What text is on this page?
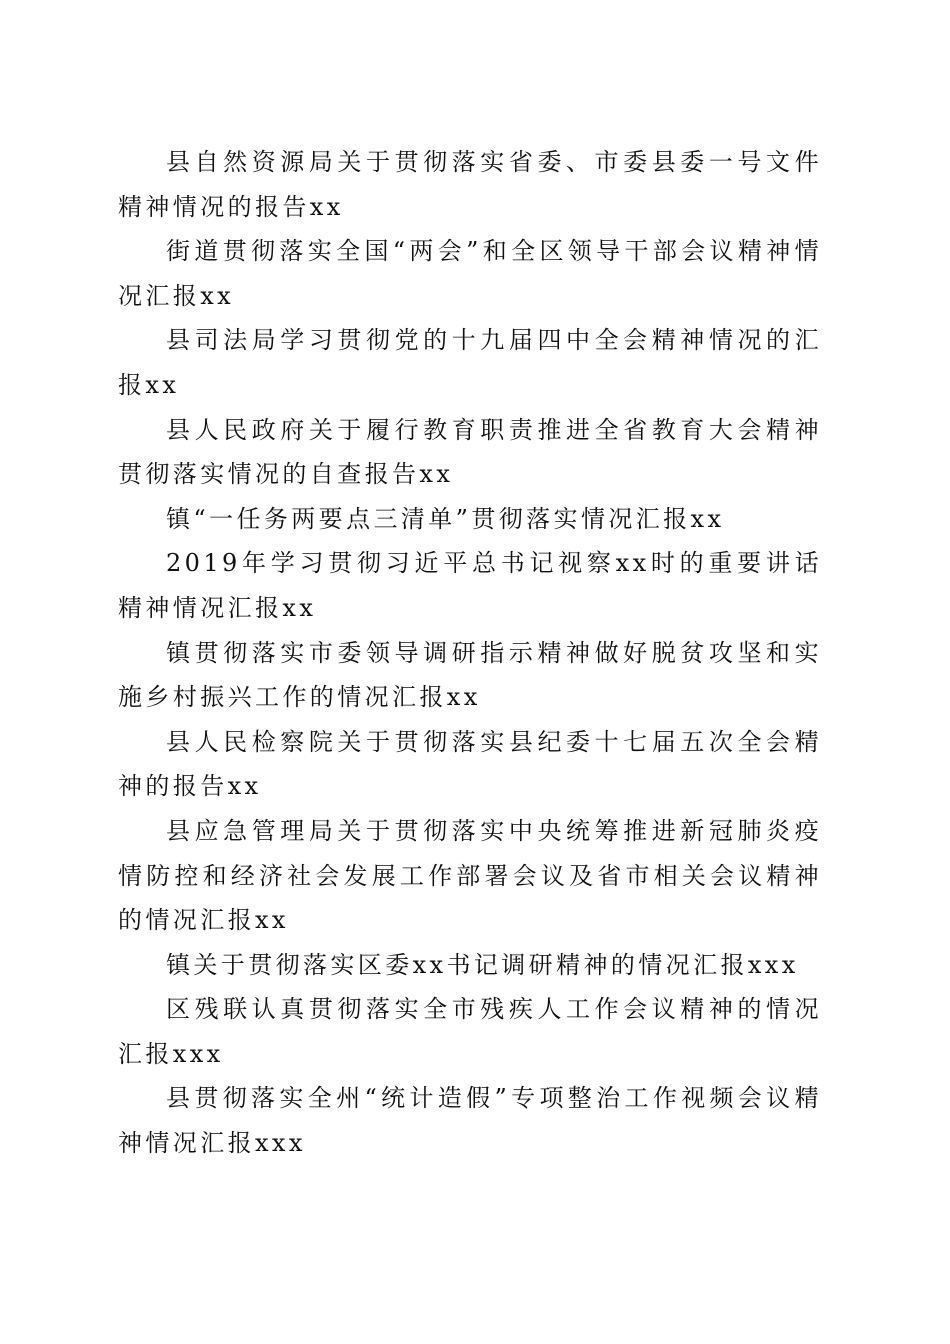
县自然资源局关于贯彻落实省委、市委县委一号文件精神情况的报告xx

街道贯彻落实全国“两会”和全区领导干部会议精神情况汇报xx

县司法局学习贯彻党的十九届四中全会精神情况的汇报xx

县人民政府关于履行教育职责推进全省教育大会精神贯彻落实情况的自查报告xx

镇“一任务两要点三清单”贯彻落实情况汇报xx

2019年学习贯彻习近平总书记视察xx时的重要讲话精神情况汇报xx

镇贯彻落实市委领导调研指示精神做好脱贫攻坚和实施乡村振兴工作的情况汇报xx

县人民检察院关于贯彻落实县纪委十七届五次全会精神的报告xx

县应急管理局关于贯彻落实中央统筹推进新冠肺炎疫情防控和经济社会发展工作部署会议及省市相关会议精神的情况汇报xx

镇关于贯彻落实区委xx书记调研精神的情况汇报xxx

区残联认真贯彻落实全市残疾人工作会议精神的情况汇报xxx

县贯彻落实全州“统计造假”专项整治工作视频会议精神情况汇报xxx
